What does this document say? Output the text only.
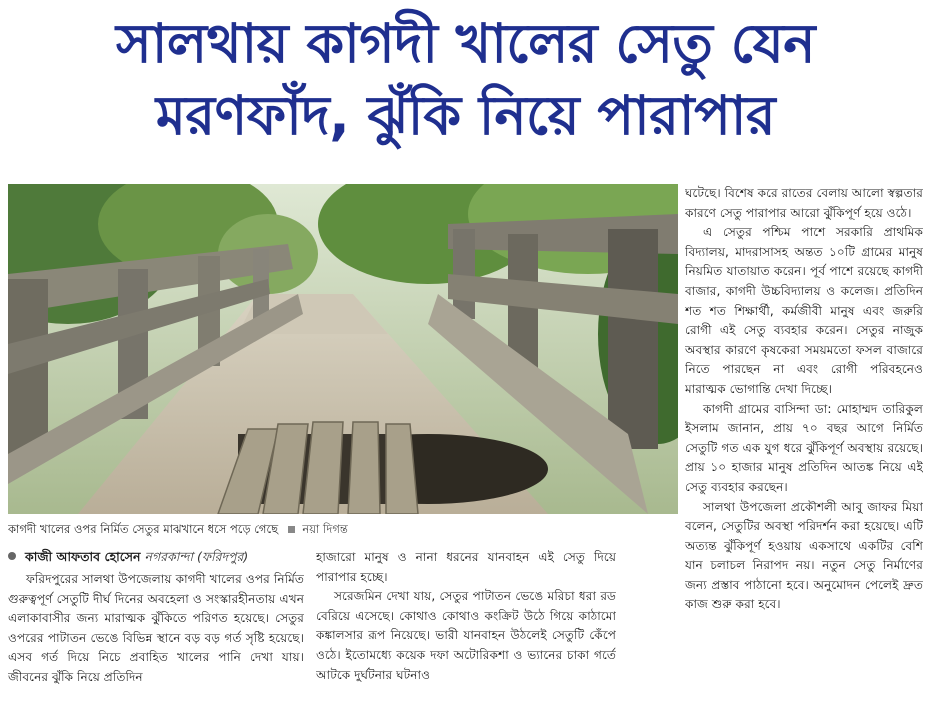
সালথায় কাগদী খালের সেতু যেন
মরণফাঁদ, ঝুঁকি নিয়ে পারাপার
কাগদী খালের ওপর নির্মিত সেতুর মাঝখানে ধসে পড়ে গেছে নয়া দিগন্ত
কাজী আফতাব হোসেন নগরকান্দা (ফরিদপুর)

ফরিদপুরের সালথা উপজেলায় কাগদী খালের ওপর নির্মিত গুরুত্বপূর্ণ সেতুটি দীর্ঘ দিনের অবহেলা ও সংস্কারহীনতায় এখন এলাকাবাসীর জন্য মারাত্মক ঝুঁকিতে পরিণত হয়েছে। সেতুর ওপরের পাটাতন ভেঙে বিভিন্ন স্থানে বড় বড় গর্ত সৃষ্টি হয়েছে। এসব গর্ত দিয়ে নিচে প্রবাহিত খালের পানি দেখা যায়। জীবনের ঝুঁকি নিয়ে প্রতিদিন

হাজারো মানুষ ও নানা ধরনের যানবাহন এই সেতু দিয়ে পারাপার হচ্ছে।

সরেজমিন দেখা যায়, সেতুর পাটাতন ভেঙে মরিচা ধরা রড বেরিয়ে এসেছে। কোথাও কোথাও কংক্রিট উঠে গিয়ে কাঠামো কঙ্কালসার রূপ নিয়েছে। ভারী যানবাহন উঠলেই সেতুটি কেঁপে ওঠে। ইতোমধ্যে কয়েক দফা অটোরিকশা ও ভ্যানের চাকা গর্তে আটকে দুর্ঘটনার ঘটনাও

ঘটেছে। বিশেষ করে রাতের বেলায় আলো স্বল্পতার কারণে সেতু পারাপার আরো ঝুঁকিপূর্ণ হয়ে ওঠে।

এ সেতুর পশ্চিম পাশে সরকারি প্রাথমিক বিদ্যালয়, মাদরাসাসহ অন্তত ১০টি গ্রামের মানুষ নিয়মিত যাতায়াত করেন। পূর্ব পাশে রয়েছে কাগদী বাজার, কাগদী উচ্চবিদ্যালয় ও কলেজ। প্রতিদিন শত শত শিক্ষার্থী, কর্মজীবী মানুষ এবং জরুরি রোগী এই সেতু ব্যবহার করেন। সেতুর নাজুক অবস্থার কারণে কৃষকেরা সময়মতো ফসল বাজারে নিতে পারছেন না এবং রোগী পরিবহনেও মারাত্মক ভোগান্তি দেখা দিচ্ছে।

কাগদী গ্রামের বাসিন্দা ডা: মোহাম্মদ তারিকুল ইসলাম জানান, প্রায় ৭০ বছর আগে নির্মিত সেতুটি গত এক যুগ ধরে ঝুঁকিপূর্ণ অবস্থায় রয়েছে। প্রায় ১০ হাজার মানুষ প্রতিদিন আতঙ্ক নিয়ে এই সেতু ব্যবহার করছেন।

সালথা উপজেলা প্রকৌশলী আবু জাফর মিয়া বলেন, সেতুটির অবস্থা পরিদর্শন করা হয়েছে। এটি অত্যন্ত ঝুঁকিপূর্ণ হওয়ায় একসাথে একটির বেশি যান চলাচল নিরাপদ নয়। নতুন সেতু নির্মাণের জন্য প্রস্তাব পাঠানো হবে। অনুমোদন পেলেই দ্রুত কাজ শুরু করা হবে।
